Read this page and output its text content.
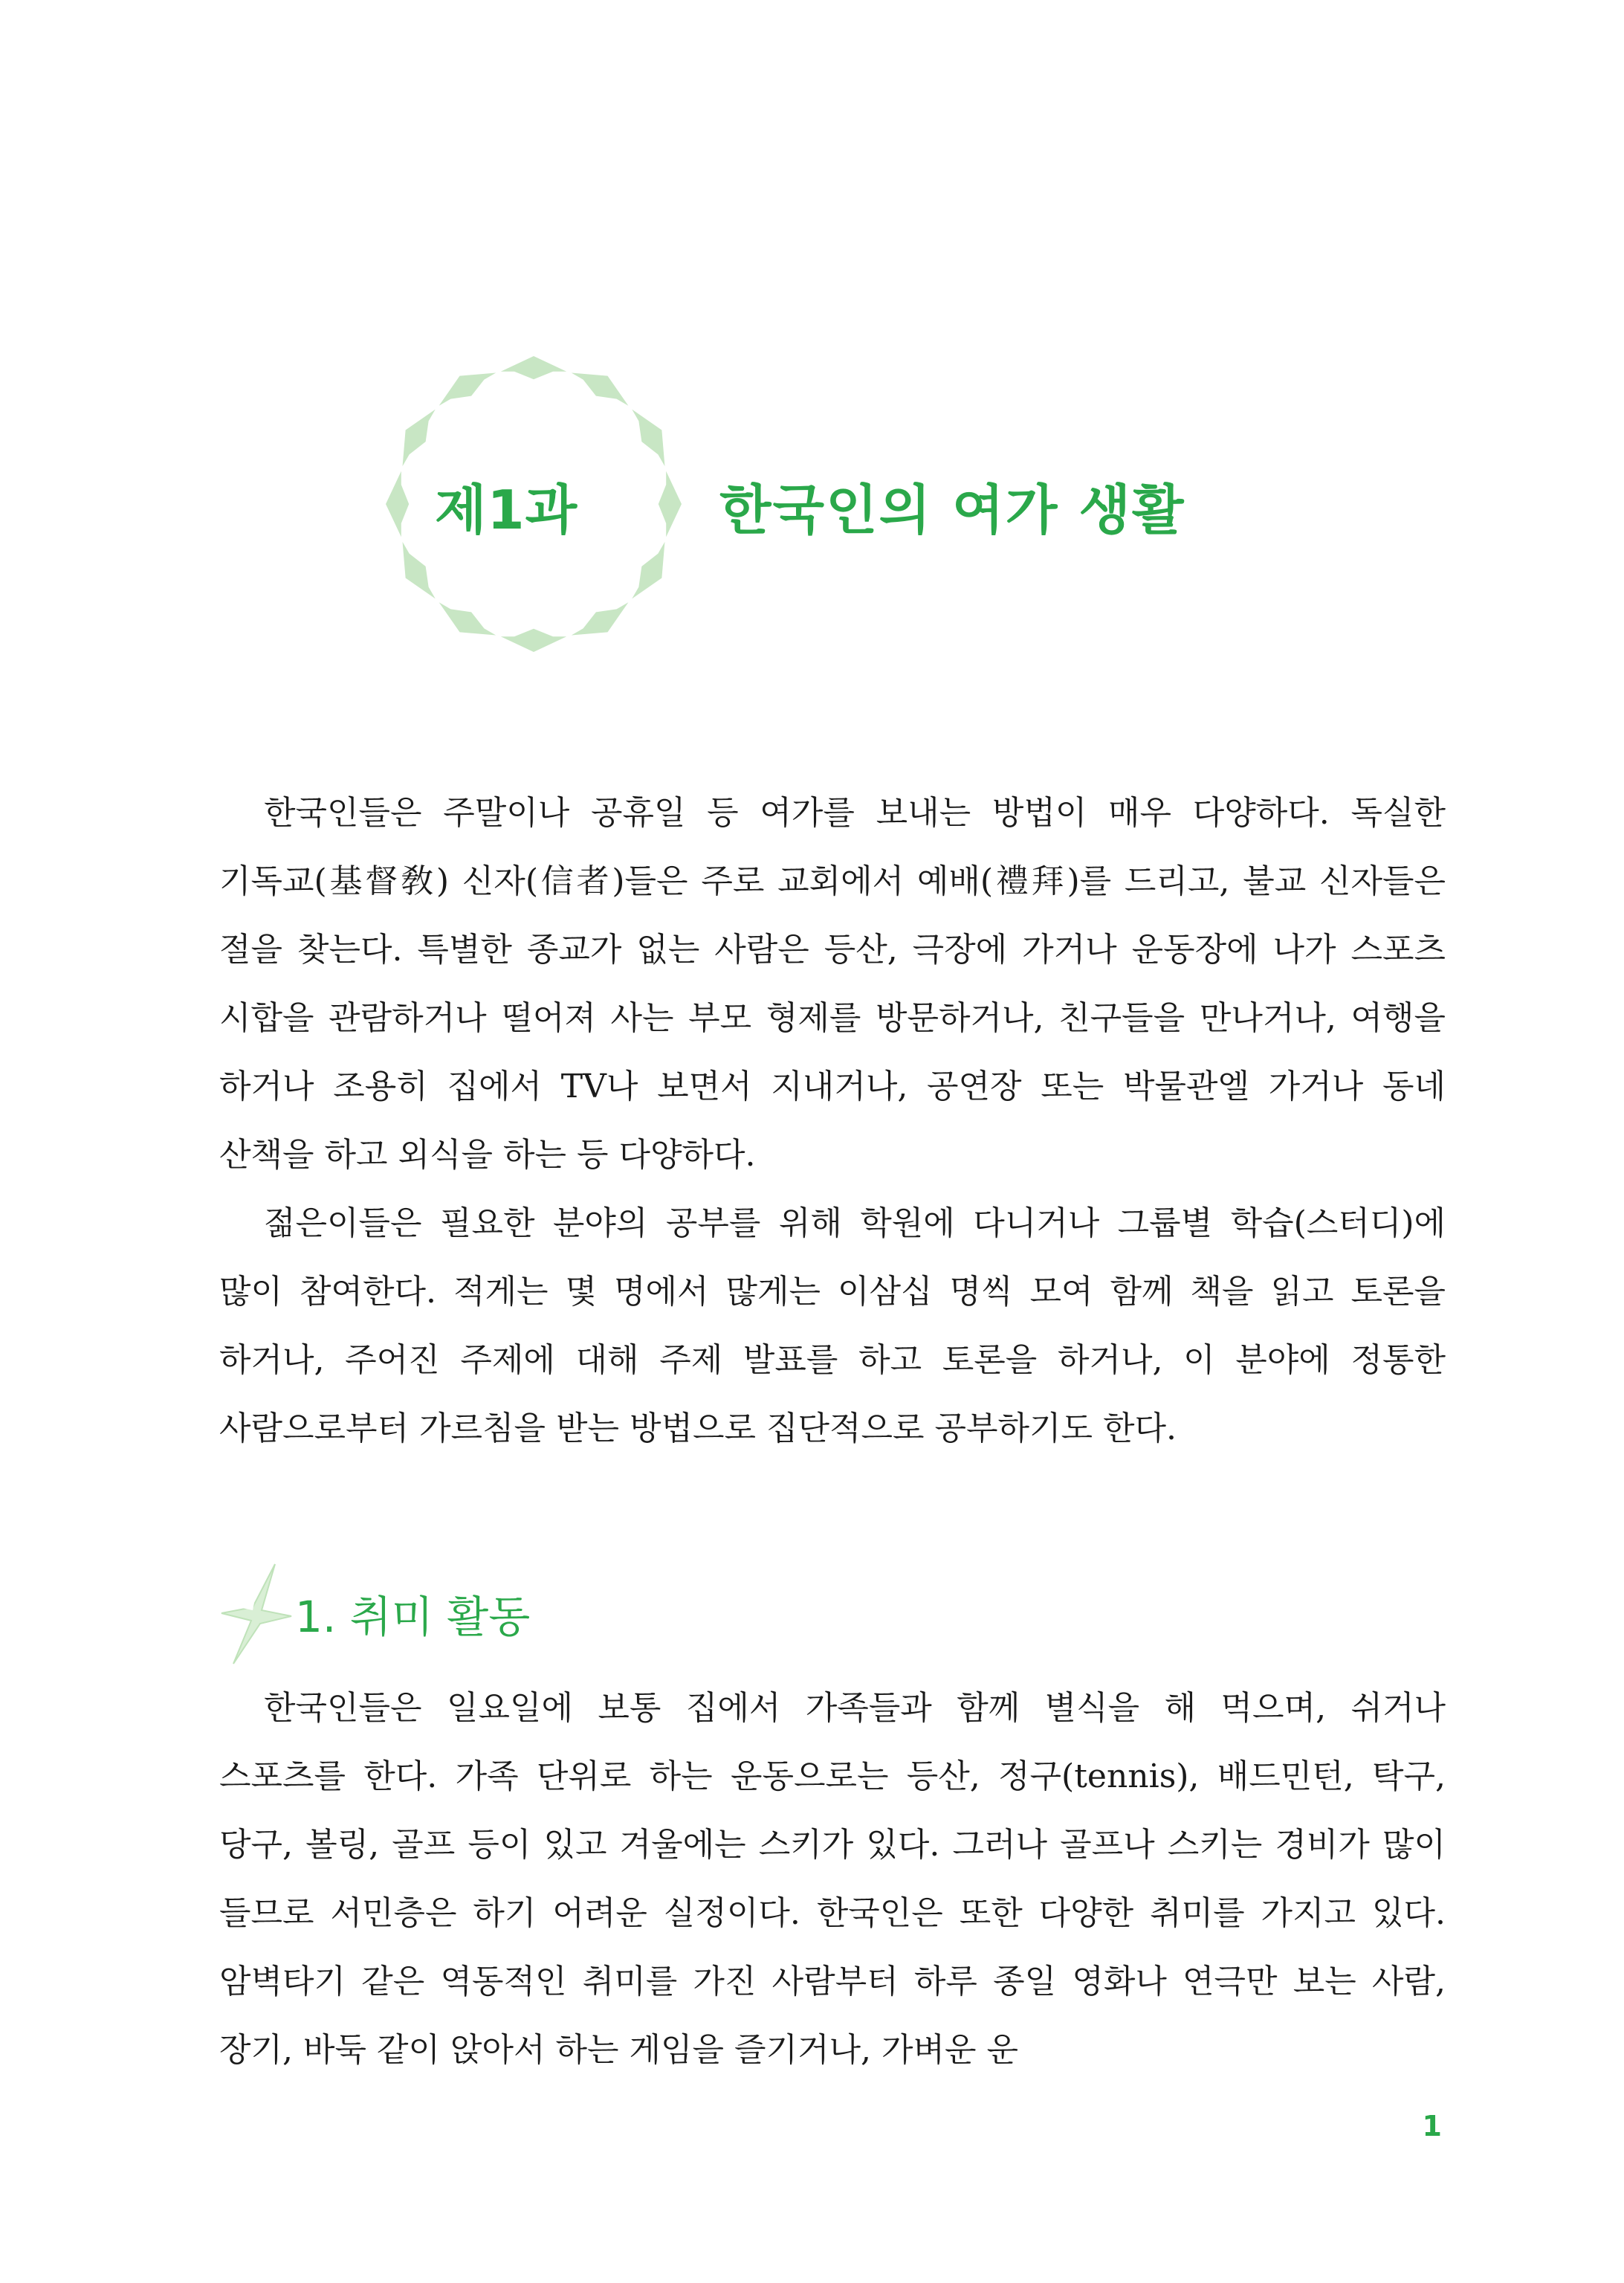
제1과	한국인의 여가 생활

한국인들은 주말이나 공휴일 등 여가를 보내는 방법이 매우 다양하다. 독실한 기독교(基督敎) 신자(信者)들은 주로 교회에서 예배(禮拜)를 드리고, 불교 신자들은 절을 찾는다. 특별한 종교가 없는 사람은 등산, 극장에 가거나 운동장에 나가 스포츠 시합을 관람하거나 떨어져 사는 부모 형제를 방문하거나, 친구들을 만나거나, 여행을 하거나 조용히 집에서 TV나 보면서 지내거나, 공연장 또는 박물관엘 가거나 동네 산책을 하고 외식을 하는 등 다양하다.

젊은이들은 필요한 분야의 공부를 위해 학원에 다니거나 그룹별 학습(스터디)에 많이 참여한다. 적게는 몇 명에서 많게는 이삼십 명씩 모여 함께 책을 읽고 토론을 하거나, 주어진 주제에 대해 주제 발표를 하고 토론을 하거나, 이 분야에 정통한 사람으로부터 가르침을 받는 방법으로 집단적으로 공부하기도 한다.

1. 취미 활동

한국인들은 일요일에 보통 집에서 가족들과 함께 별식을 해 먹으며, 쉬거나 스포츠를 한다. 가족 단위로 하는 운동으로는 등산, 정구(tennis), 배드민턴, 탁구, 당구, 볼링, 골프 등이 있고 겨울에는 스키가 있다. 그러나 골프나 스키는 경비가 많이 들므로 서민층은 하기 어려운 실정이다. 한국인은 또한 다양한 취미를 가지고 있다. 암벽타기 같은 역동적인 취미를 가진 사람부터 하루 종일 영화나 연극만 보는 사람, 장기, 바둑 같이 앉아서 하는 게임을 즐기거나, 가벼운 운

1
